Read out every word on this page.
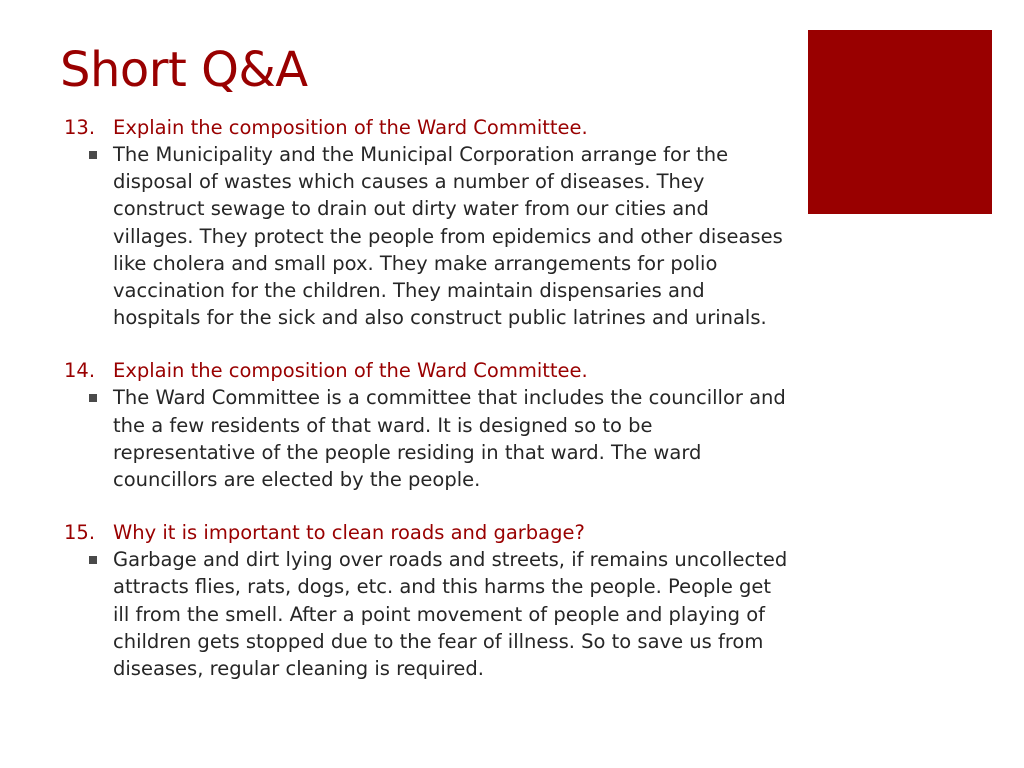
Short Q&A
13. Explain the composition of the Ward Committee.
The Municipality and the Municipal Corporation arrange for the disposal of wastes which causes a number of diseases. They construct sewage to drain out dirty water from our cities and villages. They protect the people from epidemics and other diseases like cholera and small pox. They make arrangements for polio vaccination for the children. They maintain dispensaries and hospitals for the sick and also construct public latrines and urinals.
14. Explain the composition of the Ward Committee.
The Ward Committee is a committee that includes the councillor and the a few residents of that ward. It is designed so to be representative of the people residing in that ward. The ward councillors are elected by the people.
15. Why it is important to clean roads and garbage?
Garbage and dirt lying over roads and streets, if remains uncollected attracts flies, rats, dogs, etc. and this harms the people. People get ill from the smell. After a point movement of people and playing of children gets stopped due to the fear of illness. So to save us from diseases, regular cleaning is required.
